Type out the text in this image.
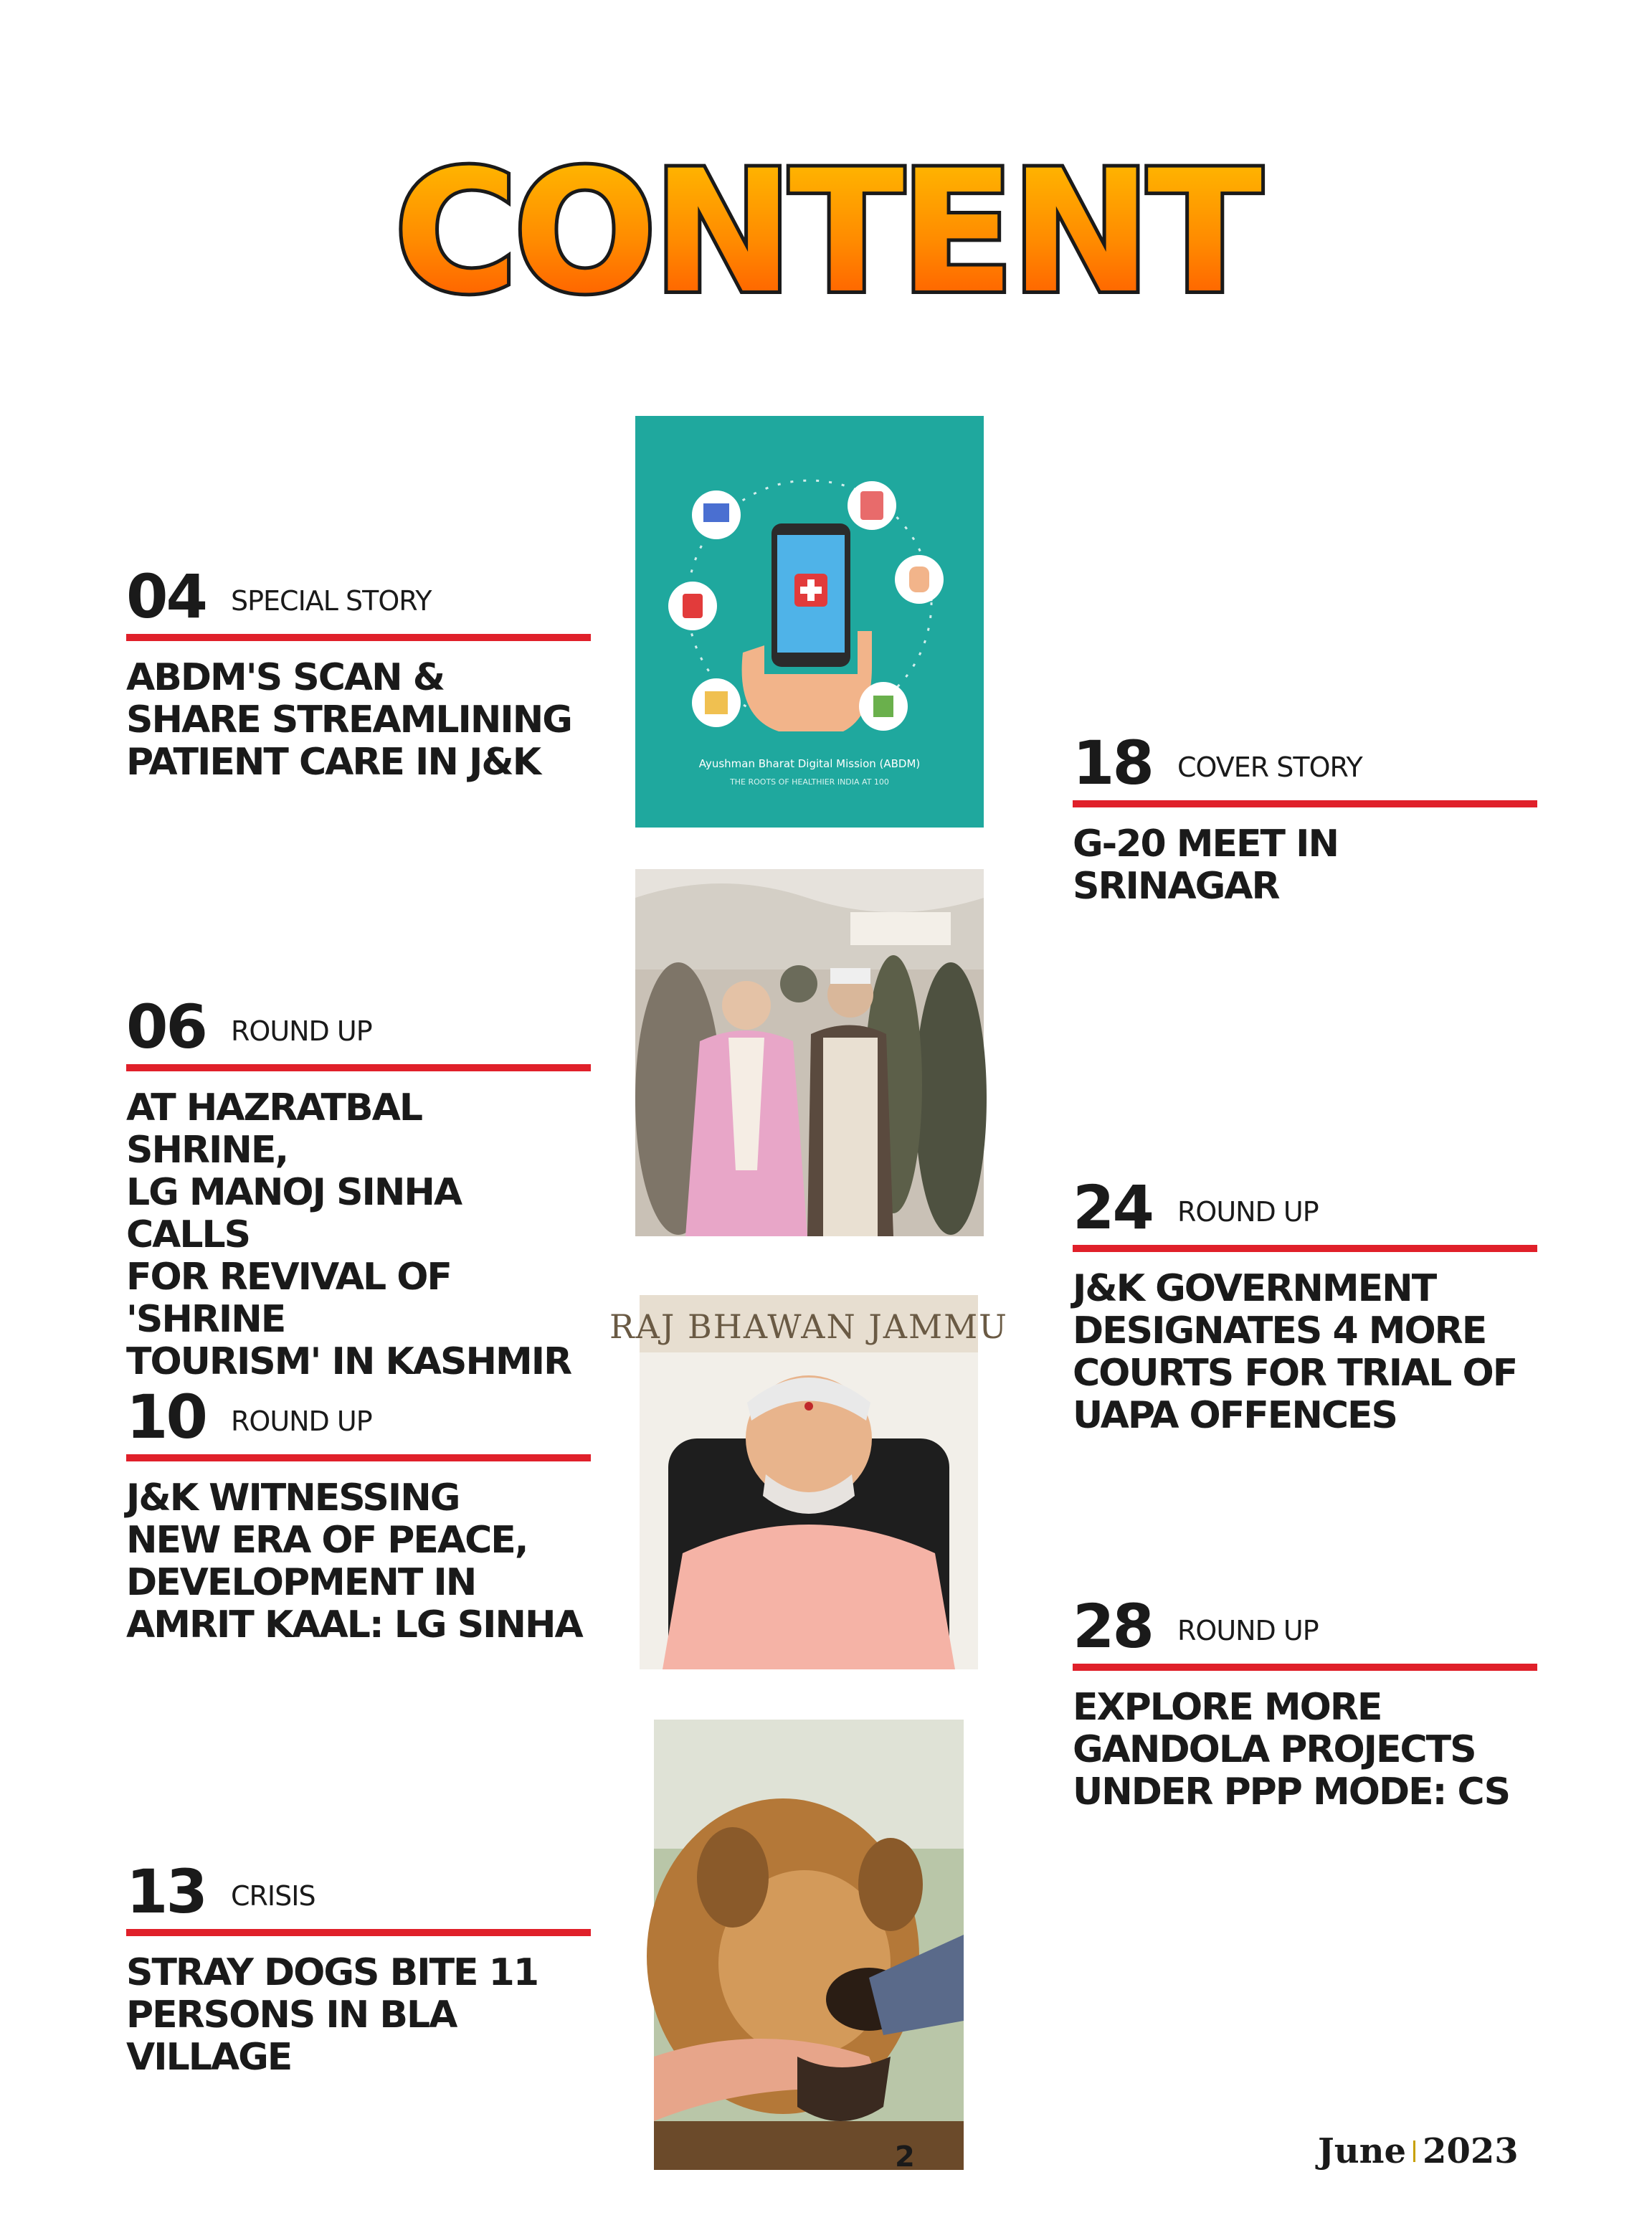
CONTENT
04 SPECIAL STORY
ABDM'S SCAN &
SHARE STREAMLINING
PATIENT CARE IN J&K
06 ROUND UP
AT HAZRATBAL SHRINE,
LG MANOJ SINHA CALLS
FOR REVIVAL OF 'SHRINE
TOURISM' IN KASHMIR
10 ROUND UP
J&K WITNESSING
NEW ERA OF PEACE,
DEVELOPMENT IN
AMRIT KAAL: LG SINHA
13 CRISIS
STRAY DOGS BITE 11
PERSONS IN BLA VILLAGE
18 COVER STORY
G-20 MEET IN
SRINAGAR
24 ROUND UP
J&K GOVERNMENT
DESIGNATES 4 MORE
COURTS FOR TRIAL OF
UAPA OFFENCES
28 ROUND UP
EXPLORE MORE
GANDOLA PROJECTS
UNDER PPP MODE: CS
Ayushman Bharat Digital Mission (ABDM)
THE ROOTS OF HEALTHIER INDIA AT 100
RAJ BHAWAN JAMMU
2	June 2023
